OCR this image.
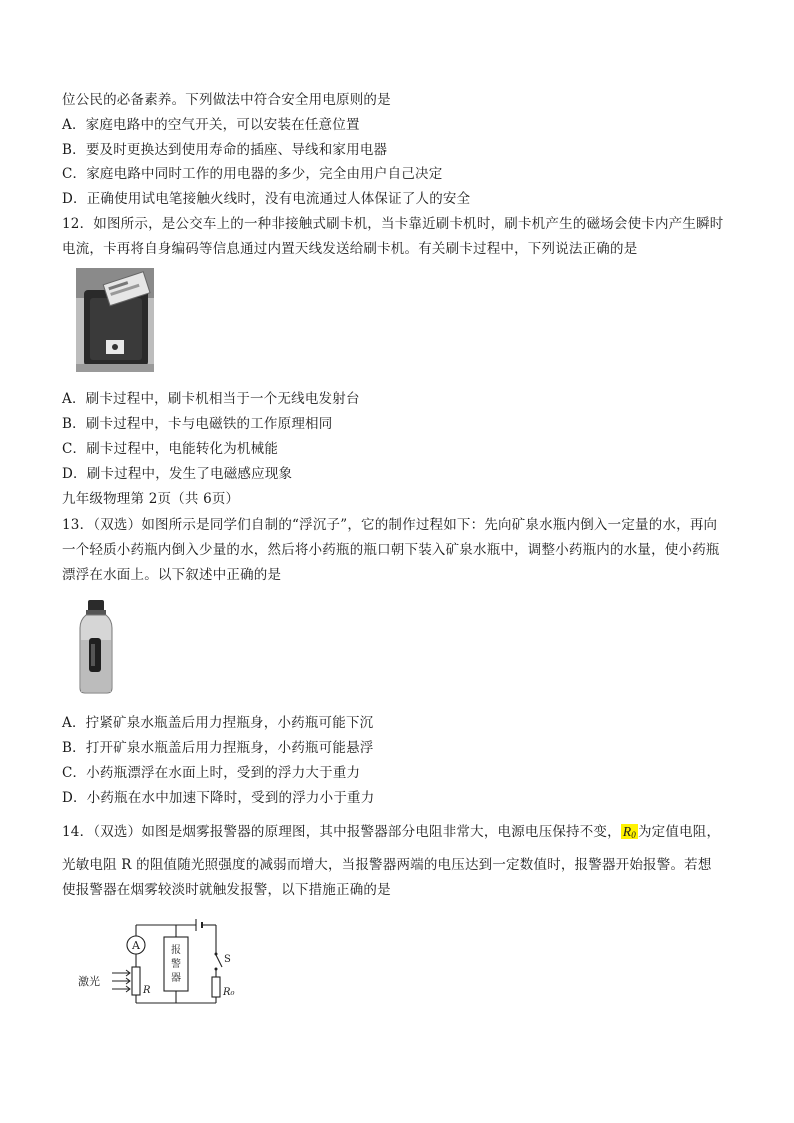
位公民的必备素养。下列做法中符合安全用电原则的是
A．家庭电路中的空气开关，可以安装在任意位置
B．要及时更换达到使用寿命的插座、导线和家用电器
C．家庭电路中同时工作的用电器的多少，完全由用户自己决定
D．正确使用试电笔接触火线时，没有电流通过人体保证了人的安全
12．如图所示，是公交车上的一种非接触式刷卡机，当卡靠近刷卡机时，刷卡机产生的磁场会使卡内产生瞬时
电流，卡再将自身编码等信息通过内置天线发送给刷卡机。有关刷卡过程中，下列说法正确的是
A．刷卡过程中，刷卡机相当于一个无线电发射台
B．刷卡过程中，卡与电磁铁的工作原理相同
C．刷卡过程中，电能转化为机械能
D．刷卡过程中，发生了电磁感应现象
九年级物理第 2页（共 6页）
13．（双选）如图所示是同学们自制的“浮沉子”，它的制作过程如下：先向矿泉水瓶内倒入一定量的水，再向
一个轻质小药瓶内倒入少量的水，然后将小药瓶的瓶口朝下装入矿泉水瓶中，调整小药瓶内的水量，使小药瓶
漂浮在水面上。以下叙述中正确的是
A．拧紧矿泉水瓶盖后用力捏瓶身，小药瓶可能下沉
B．打开矿泉水瓶盖后用力捏瓶身，小药瓶可能悬浮
C．小药瓶漂浮在水面上时，受到的浮力大于重力
D．小药瓶在水中加速下降时，受到的浮力小于重力
14．（双选）如图是烟雾报警器的原理图，其中报警器部分电阻非常大，电源电压保持不变， $R_0$ 为定值电阻，
光敏电阻 R 的阻值随光照强度的减弱而增大，当报警器两端的电压达到一定数值时，报警器开始报警。若想
使报警器在烟雾较淡时就触发报警，以下措施正确的是
A
S
报
警
器
R	R₀
激光
